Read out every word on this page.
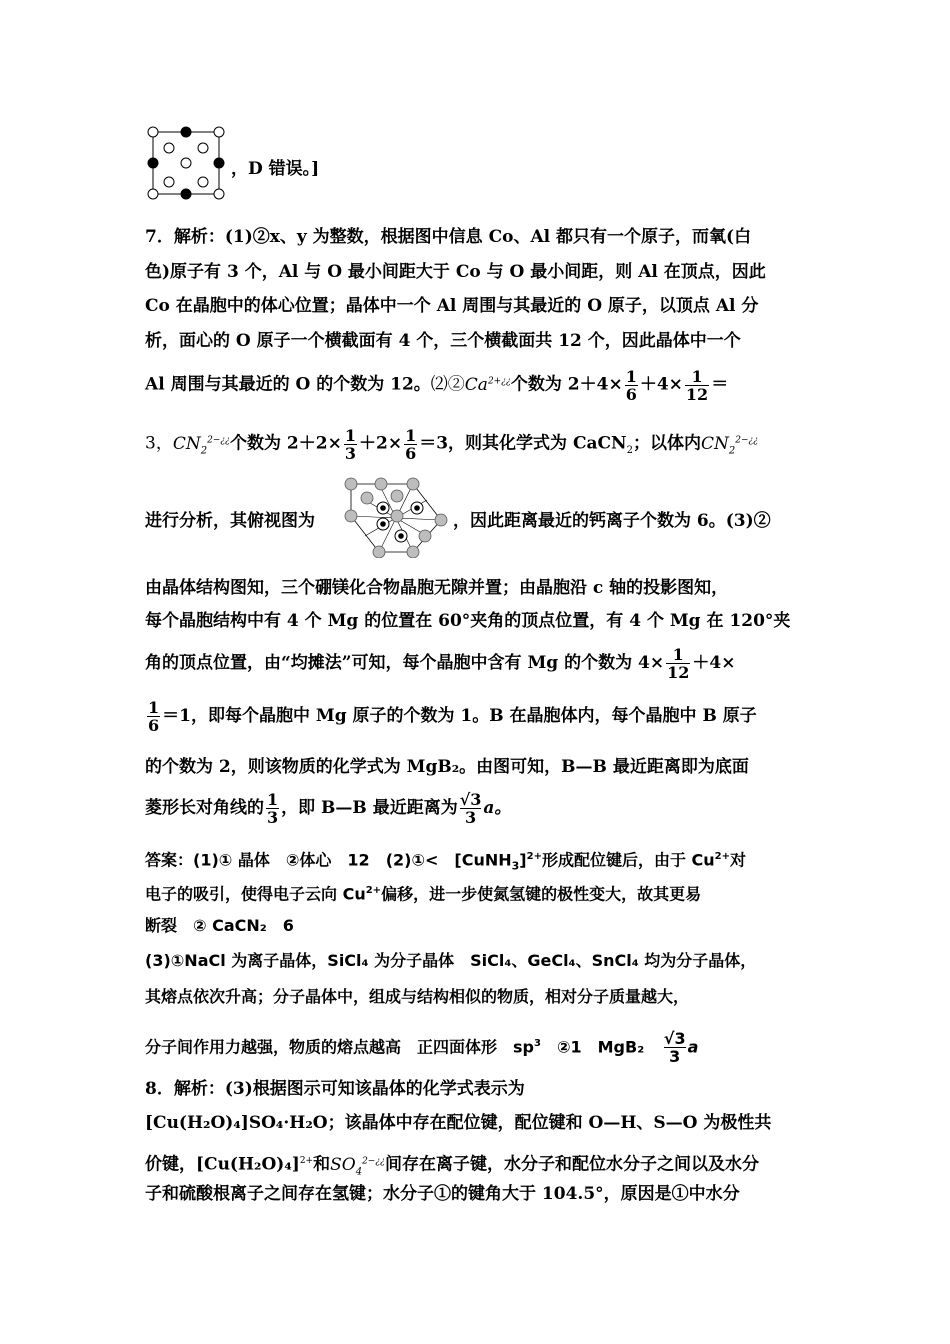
，D 错误。]
7．解析：(1)②x、y 为整数，根据图中信息 Co、Al 都只有一个原子，而氧(白
色)原子有 3 个，Al 与 O 最小间距大于 Co 与 O 最小间距，则 Al 在顶点，因此
Co 在晶胞中的体心位置；晶体中一个 Al 周围与其最近的 O 原子，以顶点 Al 分
析，面心的 O 原子一个横截面有 4 个，三个横截面共 12 个，因此晶体中一个
Al 周围与其最近的 O 的个数为 12。$⑵②Ca^{2+¿¿}$个数为 $2+4\times \frac{1}{6} +4\times \frac{1}{12}$ ＝
3，$CN_2^{2-¿¿}$个数为 $2+2\times \frac{1}{3} +2\times \frac{1}{6} =3$，则其化学式为 CaCN$_2$；以体内$CN_2^{2-¿¿}$
进行分析，其俯视图为	，因此距离最近的钙离子个数为 6。(3)②
由晶体结构图知，三个硼镁化合物晶胞无隙并置；由晶胞沿 c 轴的投影图知，
每个晶胞结构中有 4 个 Mg 的位置在 60°夹角的顶点位置，有 4 个 Mg 在 120°夹
角的顶点位置，由“均摊法”可知，每个晶胞中含有 Mg 的个数为 $4\times \frac{1}{12} +4\times$
$\frac{1}{6} =1$，即每个晶胞中 Mg 原子的个数为 1。B 在晶胞体内，每个晶胞中 B 原子
的个数为 2，则该物质的化学式为 MgB₂。由图可知，B—B 最近距离即为底面
菱形长对角线的 $\frac{1}{3}$ ，即 B—B 最近距离为 $\frac{√3}{3}$ a。
答案：(1)① 晶体　②体心　12　(2)①<　[CuNH$_3$]$^{2+}$形成配位键后，由于 $Cu^{2+}$对
电子的吸引，使得电子云向 $Cu^{2+}$偏移，进一步使氮氢键的极性变大，故其更易
断裂　② CaCN₂　6
(3)①NaCl 为离子晶体，SiCl₄ 为分子晶体　SiCl₄、GeCl₄、SnCl₄ 均为分子晶体，
其熔点依次升高；分子晶体中，组成与结构相似的物质，相对分子质量越大，
分子间作用力越强，物质的熔点越高　正四面体形　$sp^3$　②1　$MgB_2 \frac{√3}{3}$ a
8．解析：(3)根据图示可知该晶体的化学式表示为
[Cu(H₂O)₄]SO₄·H₂O；该晶体中存在配位键，配位键和 O—H、S—O 为极性共
价键，$[Cu(H_2O)_4]^{2+}$和$SO_4^{2-¿¿}$间存在离子键，水分子和配位水分子之间以及水分
子和硫酸根离子之间存在氢键；水分子①的键角大于 104.5°，原因是①中水分
